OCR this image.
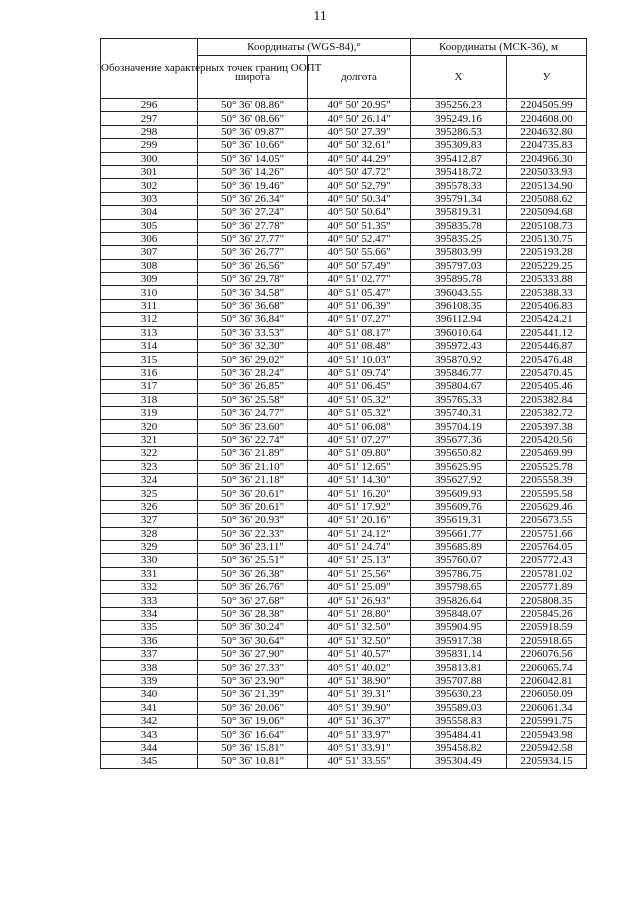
11
Обозначение характерных точек границ ООПТ	Координаты (WGS-84),°		Координаты (МСК-36), м	
	широта	долгота	X	У
296	50° 36' 08.86"	40° 50' 20.95"	395256.23	2204505.99
297	50° 36' 08.66"	40° 50' 26.14"	395249.16	2204608.00
298	50° 36' 09.87"	40° 50' 27.39"	395286.53	2204632.80
299	50° 36' 10.66"	40° 50' 32.61"	395309.83	2204735.83
300	50° 36' 14.05"	40° 50' 44.29"	395412.87	2204966.30
301	50° 36' 14.26"	40° 50' 47.72"	395418.72	2205033.93
302	50° 36' 19.46"	40° 50' 52.79"	395578.33	2205134.90
303	50° 36' 26.34"	40° 50' 50.34"	395791.34	2205088.62
304	50° 36' 27.24"	40° 50' 50.64"	395819.31	2205094.68
305	50° 36' 27.78"	40° 50' 51.35"	395835.78	2205108.73
306	50° 36' 27.77"	40° 50' 52.47"	395835.25	2205130.75
307	50° 36' 26.77"	40° 50' 55.66"	395803.99	2205193.28
308	50° 36' 26.56"	40° 50' 57.49"	395797.03	2205229.25
309	50° 36' 29.78"	40° 51' 02.77"	395895.78	2205333.88
310	50° 36' 34.58"	40° 51' 05.47"	396043.55	2205388.33
311	50° 36' 36.68"	40° 51' 06.39"	396108.35	2205406.83
312	50° 36' 36.84"	40° 51' 07.27"	396112.94	2205424.21
313	50° 36' 33.53"	40° 51' 08.17"	396010.64	2205441.12
314	50° 36' 32.30"	40° 51' 08.48"	395972.43	2205446.87
315	50° 36' 29.02"	40° 51' 10.03"	395870.92	2205476.48
316	50° 36' 28.24"	40° 51' 09.74"	395846.77	2205470.45
317	50° 36' 26.85"	40° 51' 06.45"	395804.67	2205405.46
318	50° 36' 25.58"	40° 51' 05.32"	395765.33	2205382.84
319	50° 36' 24.77"	40° 51' 05.32"	395740.31	2205382.72
320	50° 36' 23.60"	40° 51' 06.08"	395704.19	2205397.38
321	50° 36' 22.74"	40° 51' 07.27"	395677.36	2205420.56
322	50° 36' 21.89"	40° 51' 09.80"	395650.82	2205469.99
323	50° 36' 21.10"	40° 51' 12.65"	395625.95	2205525.78
324	50° 36' 21.18"	40° 51' 14.30"	395627.92	2205558.39
325	50° 36' 20.61"	40° 51' 16.20"	395609.93	2205595.58
326	50° 36' 20.61"	40° 51' 17.92"	395609.76	2205629.46
327	50° 36' 20.93"	40° 51' 20.16"	395619.31	2205673.55
328	50° 36' 22.33"	40° 51' 24.12"	395661.77	2205751.66
329	50° 36' 23.11"	40° 51' 24.74"	395685.89	2205764.05
330	50° 36' 25.51"	40° 51' 25.13"	395760.07	2205772.43
331	50° 36' 26.38"	40° 51' 25.56"	395786.75	2205781.02
332	50° 36' 26.76"	40° 51' 25.09"	395798.65	2205771.89
333	50° 36' 27.68"	40° 51' 26.93"	395826.64	2205808.35
334	50° 36' 28.38"	40° 51' 28.80"	395848.07	2205845.26
335	50° 36' 30.24"	40° 51' 32.50"	395904.95	2205918.59
336	50° 36' 30.64"	40° 51' 32.50"	395917.38	2205918.65
337	50° 36' 27.90"	40° 51' 40.57"	395831.14	2206076.56
338	50° 36' 27.33"	40° 51' 40.02"	395813.81	2206065.74
339	50° 36' 23.90"	40° 51' 38.90"	395707.88	2206042.81
340	50° 36' 21.39"	40° 51' 39.31"	395630.23	2206050.09
341	50° 36' 20.06"	40° 51' 39.90"	395589.03	2206061.34
342	50° 36' 19.06"	40° 51' 36.37"	395558.83	2205991.75
343	50° 36' 16.64"	40° 51' 33.97"	395484.41	2205943.98
344	50° 36' 15.81"	40° 51' 33.91"	395458.82	2205942.58
345	50° 36' 10.81"	40° 51' 33.55"	395304.49	2205934.15
